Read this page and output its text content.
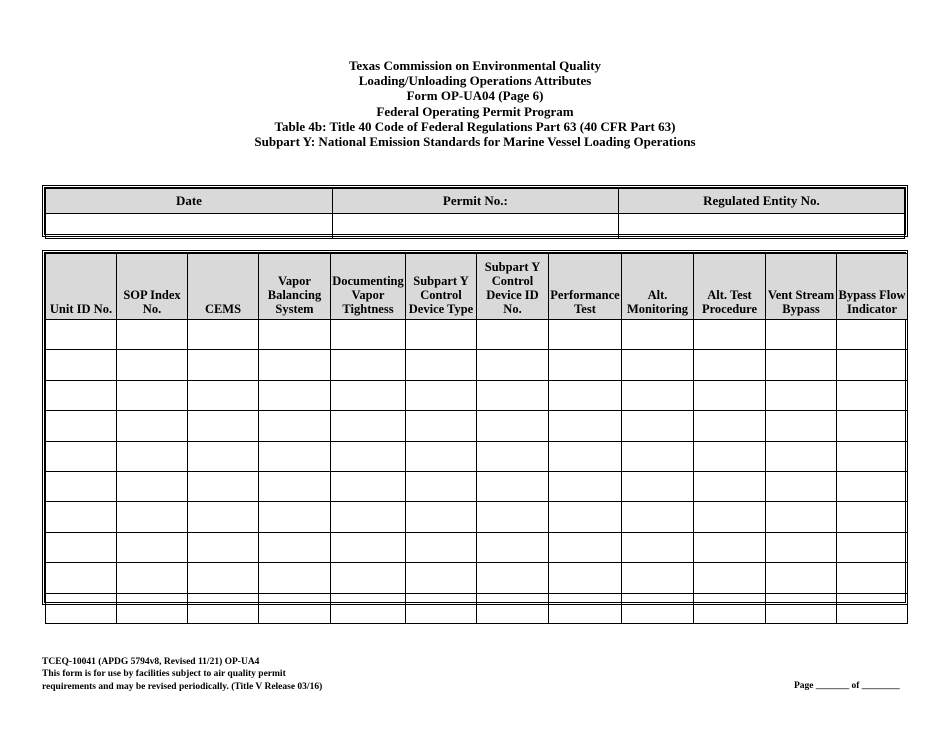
Texas Commission on Environmental Quality
Loading/Unloading Operations Attributes
Form OP-UA04 (Page 6)
Federal Operating Permit Program
Table 4b: Title 40 Code of Federal Regulations Part 63 (40 CFR Part 63)
Subpart Y: National Emission Standards for Marine Vessel Loading Operations
Date	Permit No.:	Regulated Entity No.

Unit ID No.	SOP Index No.	CEMS	Vapor Balancing System	Documenting Vapor Tightness	Subpart Y Control Device Type	Subpart Y Control Device ID No.	Performance Test	Alt. Monitoring	Alt. Test Procedure	Vent Stream Bypass	Bypass Flow Indicator

TCEQ-10041 (APDG 5794v8, Revised 11/21) OP-UA4
This form is for use by facilities subject to air quality permit
requirements and may be revised periodically. (Title V Release 03/16)	Page _______ of ________
